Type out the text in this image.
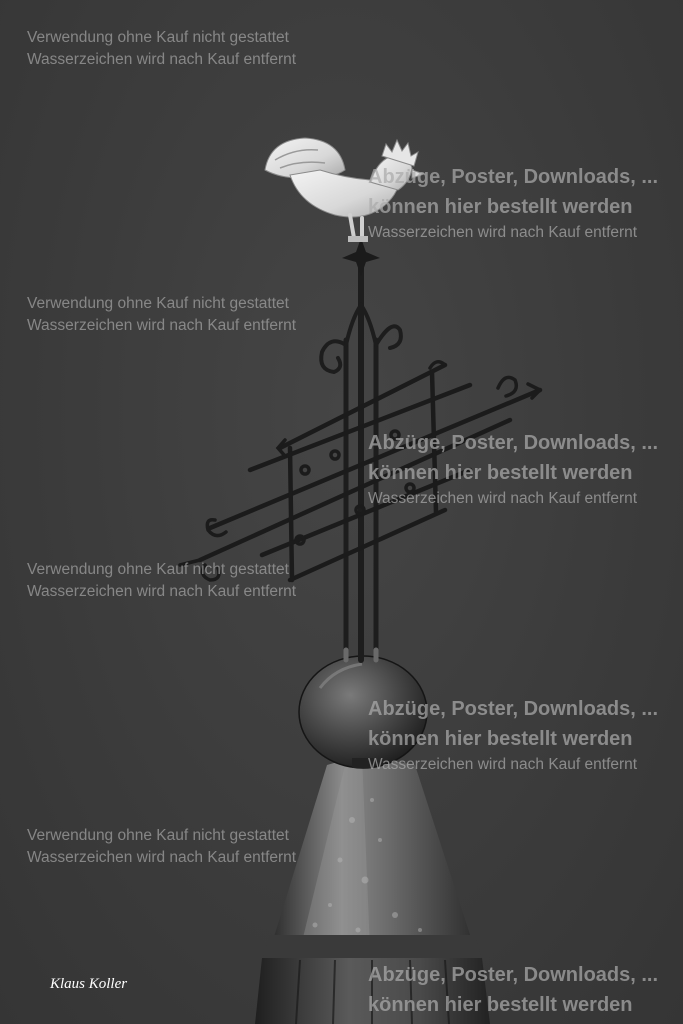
Verwendung ohne Kauf nicht gestattet
Wasserzeichen wird nach Kauf entfernt
Verwendung ohne Kauf nicht gestattet
Wasserzeichen wird nach Kauf entfernt
Verwendung ohne Kauf nicht gestattet
Wasserzeichen wird nach Kauf entfernt
Verwendung ohne Kauf nicht gestattet
Wasserzeichen wird nach Kauf entfernt
Abzüge, Poster, Downloads, ...
können hier bestellt werden
Wasserzeichen wird nach Kauf entfernt
Abzüge, Poster, Downloads, ...
können hier bestellt werden
Wasserzeichen wird nach Kauf entfernt
Abzüge, Poster, Downloads, ...
können hier bestellt werden
Wasserzeichen wird nach Kauf entfernt
Abzüge, Poster, Downloads, ...
können hier bestellt werden
Klaus Koller
